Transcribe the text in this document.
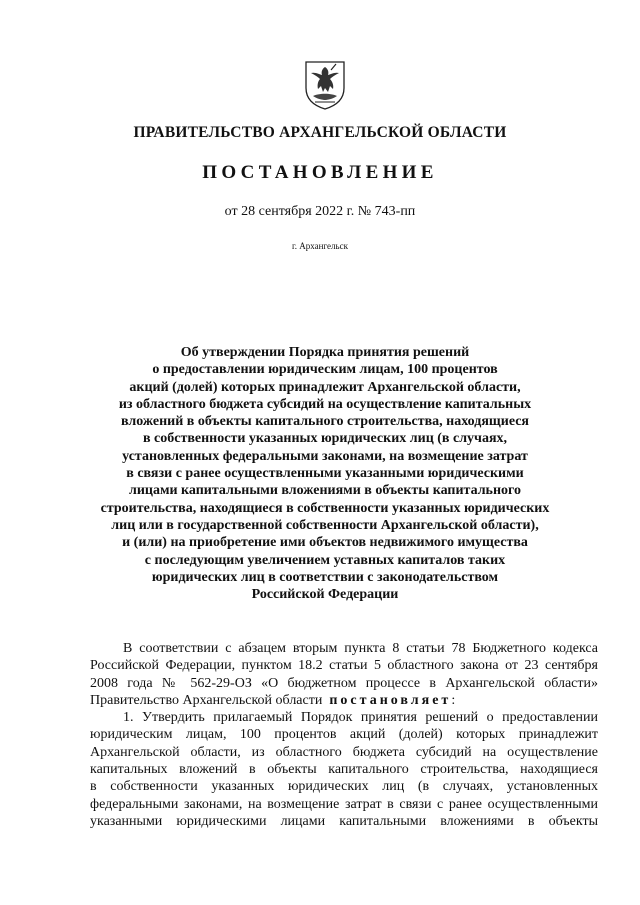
ПРАВИТЕЛЬСТВО АРХАНГЕЛЬСКОЙ ОБЛАСТИ
ПОСТАНОВЛЕНИЕ
от 28 сентября 2022 г. № 743-пп
г. Архангельск
Об утверждении Порядка принятия решений
о предоставлении юридическим лицам, 100 процентов
акций (долей) которых принадлежит Архангельской области,
из областного бюджета субсидий на осуществление капитальных
вложений в объекты капитального строительства, находящиеся
в собственности указанных юридических лиц (в случаях,
установленных федеральными законами, на возмещение затрат
в связи с ранее осуществленными указанными юридическими
лицами капитальными вложениями в объекты капитального
строительства, находящиеся в собственности указанных юридических
лиц или в государственной собственности Архангельской области),
и (или) на приобретение ими объектов недвижимого имущества
с последующим увеличением уставных капиталов таких
юридических лиц в соответствии с законодательством
Российской Федерации
В соответствии с абзацем вторым пункта 8 статьи 78 Бюджетного кодекса
Российской Федерации, пунктом 18.2 статьи 5 областного закона от 23 сентября
2008 года № 562-29-ОЗ «О бюджетном процессе в Архангельской области»
Правительство Архангельской области постановляет:
1. Утвердить прилагаемый Порядок принятия решений о предоставлении
юридическим лицам, 100 процентов акций (долей) которых принадлежит
Архангельской области, из областного бюджета субсидий на осуществление
капитальных вложений в объекты капитального строительства, находящиеся
в собственности указанных юридических лиц (в случаях, установленных
федеральными законами, на возмещение затрат в связи с ранее осуществленными
указанными юридическими лицами капитальными вложениями в объекты
